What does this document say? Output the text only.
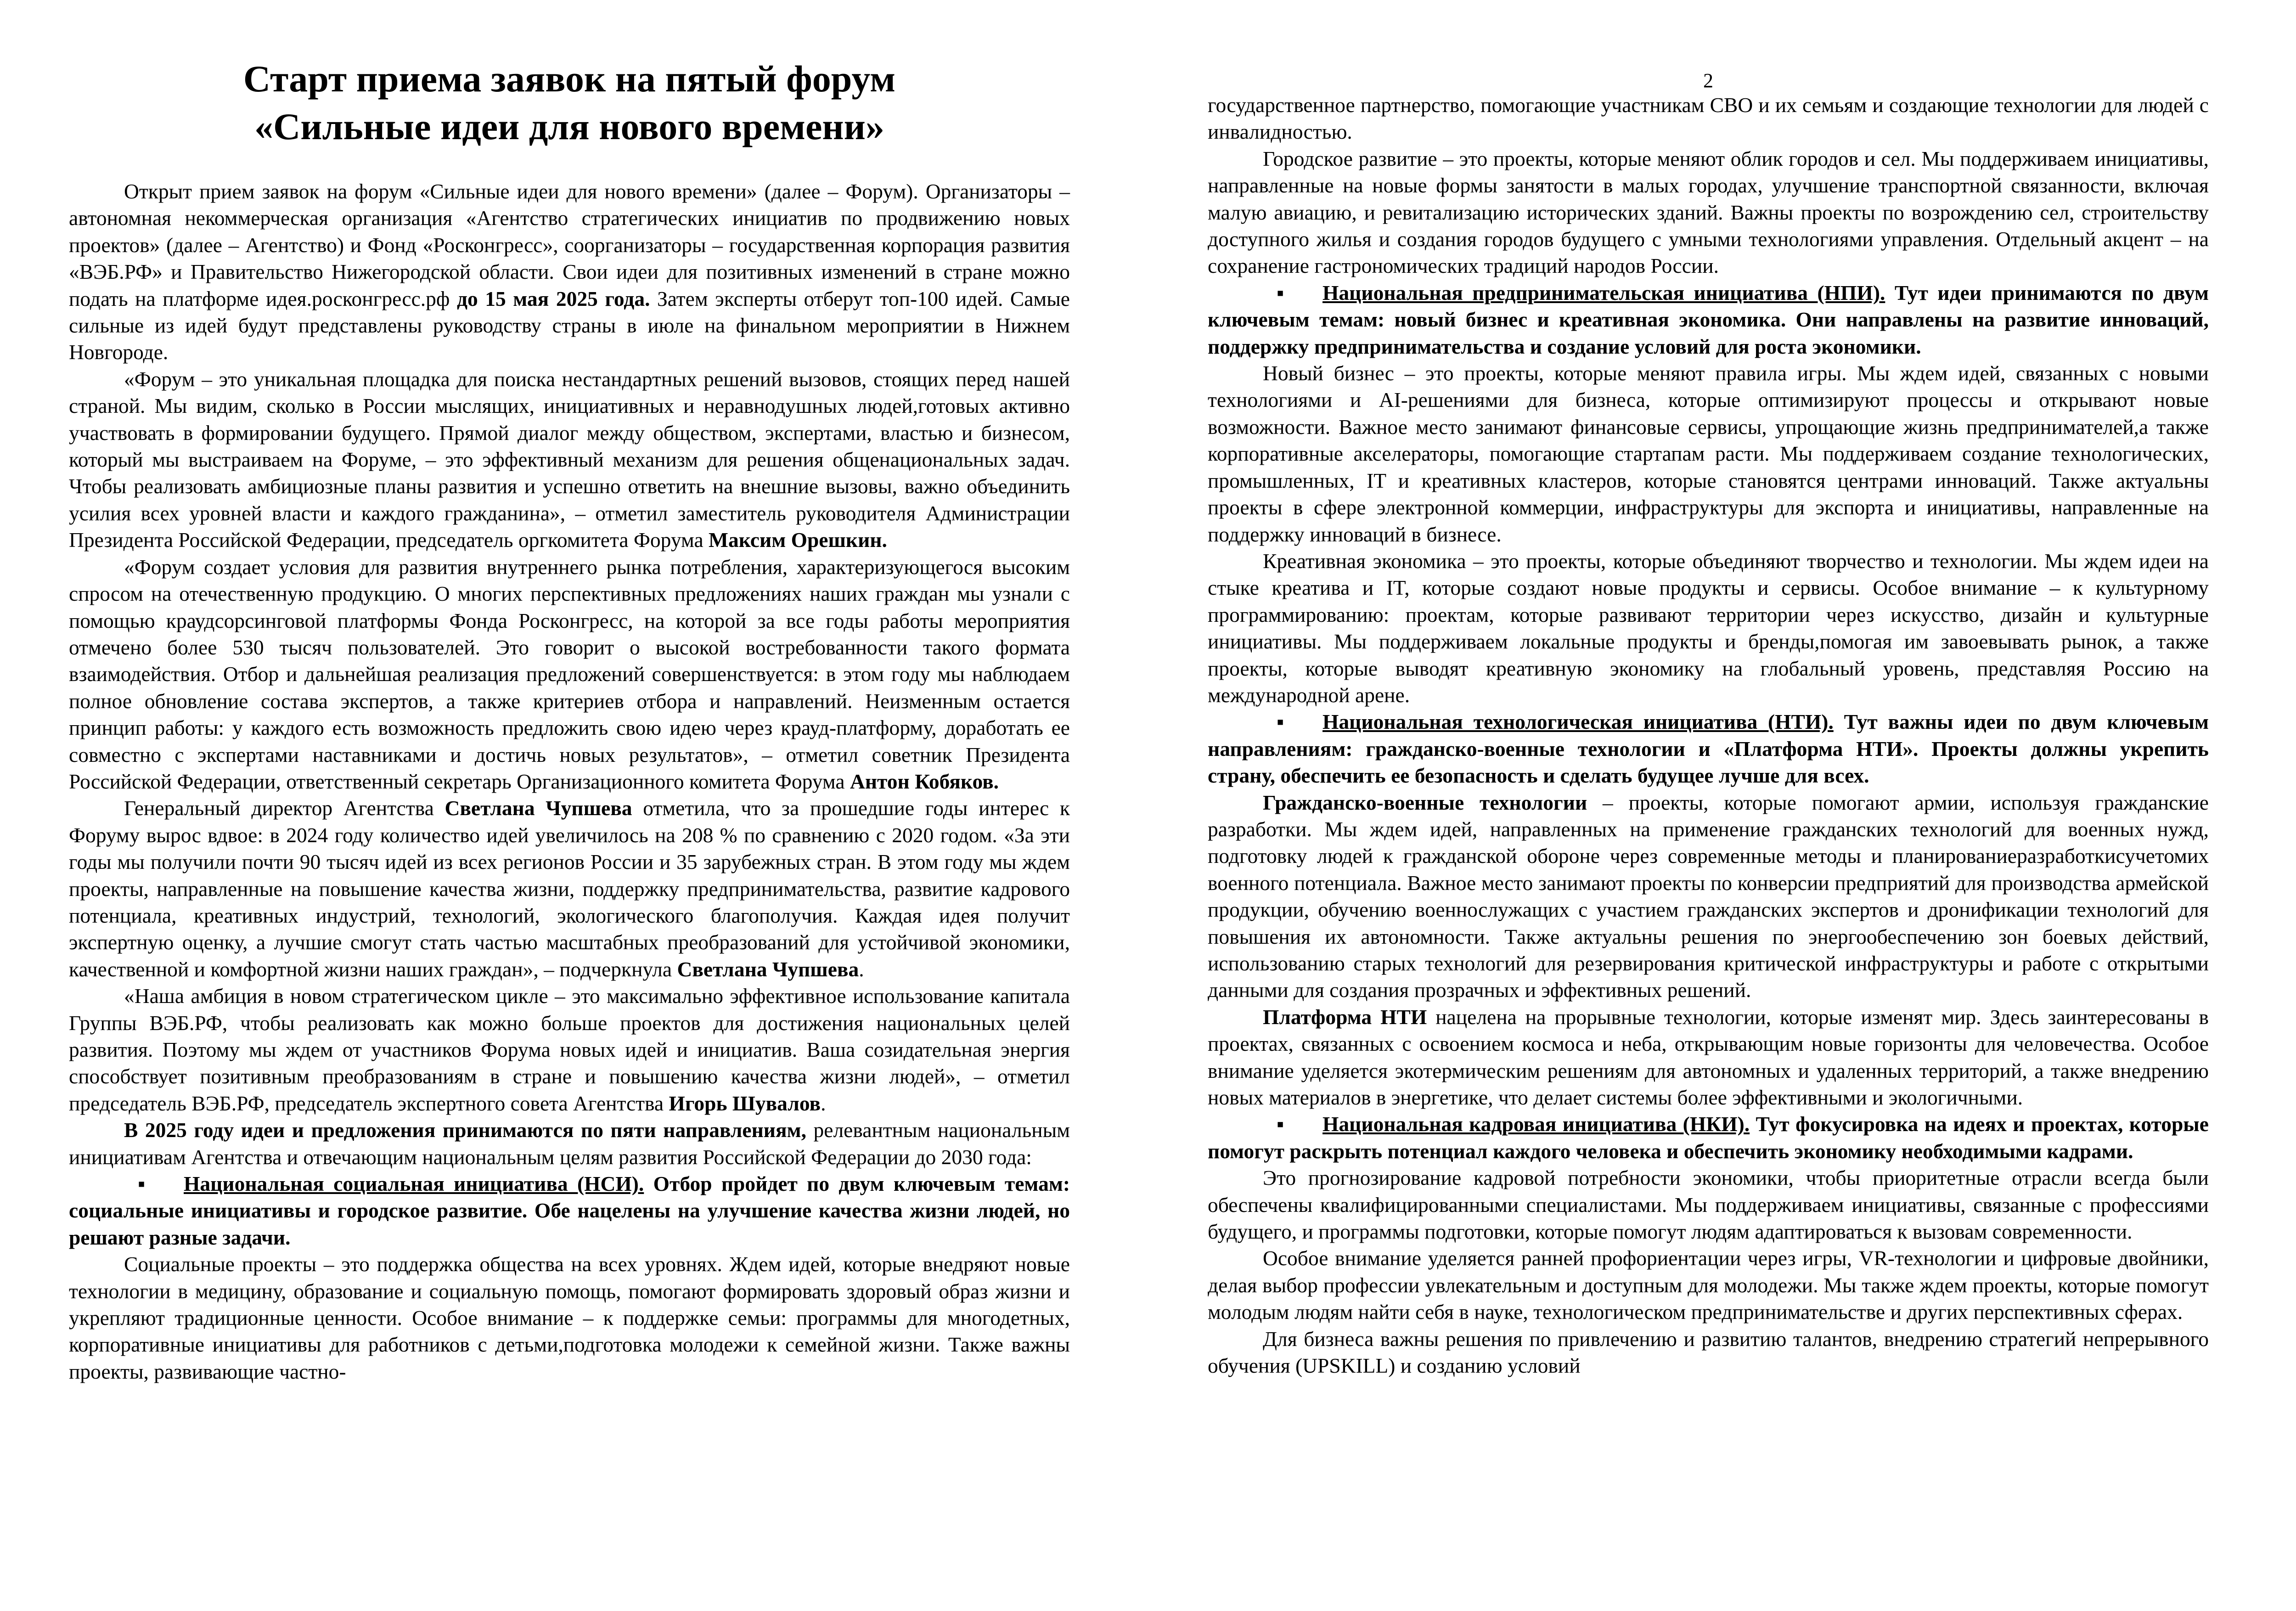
Старт приема заявок на пятый форум
«Сильные идеи для нового времени»

Открыт прием заявок на форум «Сильные идеи для нового времени» (далее – Форум). Организаторы – автономная некоммерческая организация «Агентство стратегических инициатив по продвижению новых проектов» (далее – Агентство) и Фонд «Росконгресс», соорганизаторы – государственная корпорация развития «ВЭБ.РФ» и Правительство Нижегородской области. Свои идеи для позитивных изменений в стране можно подать на платформе идея.росконгресс.рф до 15 мая 2025 года. Затем эксперты отберут топ-100 идей. Самые сильные из идей будут представлены руководству страны в июле на финальном мероприятии в Нижнем Новгороде.

«Форум – это уникальная площадка для поиска нестандартных решений вызовов, стоящих перед нашей страной. Мы видим, сколько в России мыслящих, инициативных и неравнодушных людей,готовых активно участвовать в формировании будущего. Прямой диалог между обществом, экспертами, властью и бизнесом, который мы выстраиваем на Форуме, – это эффективный механизм для решения общенациональных задач. Чтобы реализовать амбициозные планы развития и успешно ответить на внешние вызовы, важно объединить усилия всех уровней власти и каждого гражданина», – отметил заместитель руководителя Администрации Президента Российской Федерации, председатель оргкомитета Форума Максим Орешкин.

«Форум создает условия для развития внутреннего рынка потребления, характеризующегося высоким спросом на отечественную продукцию. О многих перспективных предложениях наших граждан мы узнали с помощью краудсорсинговой платформы Фонда Росконгресс, на которой за все годы работы мероприятия отмечено более 530 тысяч пользователей. Это говорит о высокой востребованности такого формата взаимодействия. Отбор и дальнейшая реализация предложений совершенствуется: в этом году мы наблюдаем полное обновление состава экспертов, а также критериев отбора и направлений. Неизменным остается принцип работы: у каждого есть возможность предложить свою идею через крауд-платформу, доработать ее совместно с экспертами наставниками и достичь новых результатов», – отметил советник Президента Российской Федерации, ответственный секретарь Организационного комитета Форума Антон Кобяков.

Генеральный директор Агентства Светлана Чупшева отметила, что за прошедшие годы интерес к Форуму вырос вдвое: в 2024 году количество идей увеличилось на 208 % по сравнению с 2020 годом. «За эти годы мы получили почти 90 тысяч идей из всех регионов России и 35 зарубежных стран. В этом году мы ждем проекты, направленные на повышение качества жизни, поддержку предпринимательства, развитие кадрового потенциала, креативных индустрий, технологий, экологического благополучия. Каждая идея получит экспертную оценку, а лучшие смогут стать частью масштабных преобразований для устойчивой экономики, качественной и комфортной жизни наших граждан», – подчеркнула Светлана Чупшева.

«Наша амбиция в новом стратегическом цикле – это максимально эффективное использование капитала Группы ВЭБ.РФ, чтобы реализовать как можно больше проектов для достижения национальных целей развития. Поэтому мы ждем от участников Форума новых идей и инициатив. Ваша созидательная энергия способствует позитивным преобразованиям в стране и повышению качества жизни людей», – отметил председатель ВЭБ.РФ, председатель экспертного совета Агентства Игорь Шувалов.

В 2025 году идеи и предложения принимаются по пяти направлениям, релевантным национальным инициативам Агентства и отвечающим национальным целям развития Российской Федерации до 2030 года:

▪ Национальная социальная инициатива (НСИ). Отбор пройдет по двум ключевым темам: социальные инициативы и городское развитие. Обе нацелены на улучшение качества жизни людей, но решают разные задачи.

Социальные проекты – это поддержка общества на всех уровнях. Ждем идей, которые внедряют новые технологии в медицину, образование и социальную помощь, помогают формировать здоровый образ жизни и укрепляют традиционные ценности. Особое внимание – к поддержке семьи: программы для многодетных, корпоративные инициативы для работников с детьми,подготовка молодежи к семейной жизни. Также важны проекты, развивающие частно-

2

государственное партнерство, помогающие участникам СВО и их семьям и создающие технологии для людей с инвалидностью.

Городское развитие – это проекты, которые меняют облик городов и сел. Мы поддерживаем инициативы, направленные на новые формы занятости в малых городах, улучшение транспортной связанности, включая малую авиацию, и ревитализацию исторических зданий. Важны проекты по возрождению сел, строительству доступного жилья и создания городов будущего с умными технологиями управления. Отдельный акцент – на сохранение гастрономических традиций народов России.

▪ Национальная предпринимательская инициатива (НПИ). Тут идеи принимаются по двум ключевым темам: новый бизнес и креативная экономика. Они направлены на развитие инноваций, поддержку предпринимательства и создание условий для роста экономики.

Новый бизнес – это проекты, которые меняют правила игры. Мы ждем идей, связанных с новыми технологиями и AI-решениями для бизнеса, которые оптимизируют процессы и открывают новые возможности. Важное место занимают финансовые сервисы, упрощающие жизнь предпринимателей,а также корпоративные акселераторы, помогающие стартапам расти. Мы поддерживаем создание технологических, промышленных, IT и креативных кластеров, которые становятся центрами инноваций. Также актуальны проекты в сфере электронной коммерции, инфраструктуры для экспорта и инициативы, направленные на поддержку инноваций в бизнесе.

Креативная экономика – это проекты, которые объединяют творчество и технологии. Мы ждем идеи на стыке креатива и IT, которые создают новые продукты и сервисы. Особое внимание – к культурному программированию: проектам, которые развивают территории через искусство, дизайн и культурные инициативы. Мы поддерживаем локальные продукты и бренды,помогая им завоевывать рынок, а также проекты, которые выводят креативную экономику на глобальный уровень, представляя Россию на международной арене.

▪ Национальная технологическая инициатива (НТИ). Тут важны идеи по двум ключевым направлениям: гражданско-военные технологии и «Платформа НТИ». Проекты должны укрепить страну, обеспечить ее безопасность и сделать будущее лучше для всех.

Гражданско-военные технологии – проекты, которые помогают армии, используя гражданские разработки. Мы ждем идей, направленных на применение гражданских технологий для военных нужд, подготовку людей к гражданской обороне через современные методы и планированиеразработкисучетомих военного потенциала. Важное место занимают проекты по конверсии предприятий для производства армейской продукции, обучению военнослужащих с участием гражданских экспертов и дронификации технологий для повышения их автономности. Также актуальны решения по энергообеспечению зон боевых действий, использованию старых технологий для резервирования критической инфраструктуры и работе с открытыми данными для создания прозрачных и эффективных решений.

Платформа НТИ нацелена на прорывные технологии, которые изменят мир. Здесь заинтересованы в проектах, связанных с освоением космоса и неба, открывающим новые горизонты для человечества. Особое внимание уделяется экотермическим решениям для автономных и удаленных территорий, а также внедрению новых материалов в энергетике, что делает системы более эффективными и экологичными.

▪ Национальная кадровая инициатива (НКИ). Тут фокусировка на идеях и проектах, которые помогут раскрыть потенциал каждого человека и обеспечить экономику необходимыми кадрами.

Это прогнозирование кадровой потребности экономики, чтобы приоритетные отрасли всегда были обеспечены квалифицированными специалистами. Мы поддерживаем инициативы, связанные с профессиями будущего, и программы подготовки, которые помогут людям адаптироваться к вызовам современности.

Особое внимание уделяется ранней профориентации через игры, VR-технологии и цифровые двойники, делая выбор профессии увлекательным и доступным для молодежи. Мы также ждем проекты, которые помогут молодым людям найти себя в науке, технологическом предпринимательстве и других перспективных сферах.

Для бизнеса важны решения по привлечению и развитию талантов, внедрению стратегий непрерывного обучения (UPSKILL) и созданию условий
